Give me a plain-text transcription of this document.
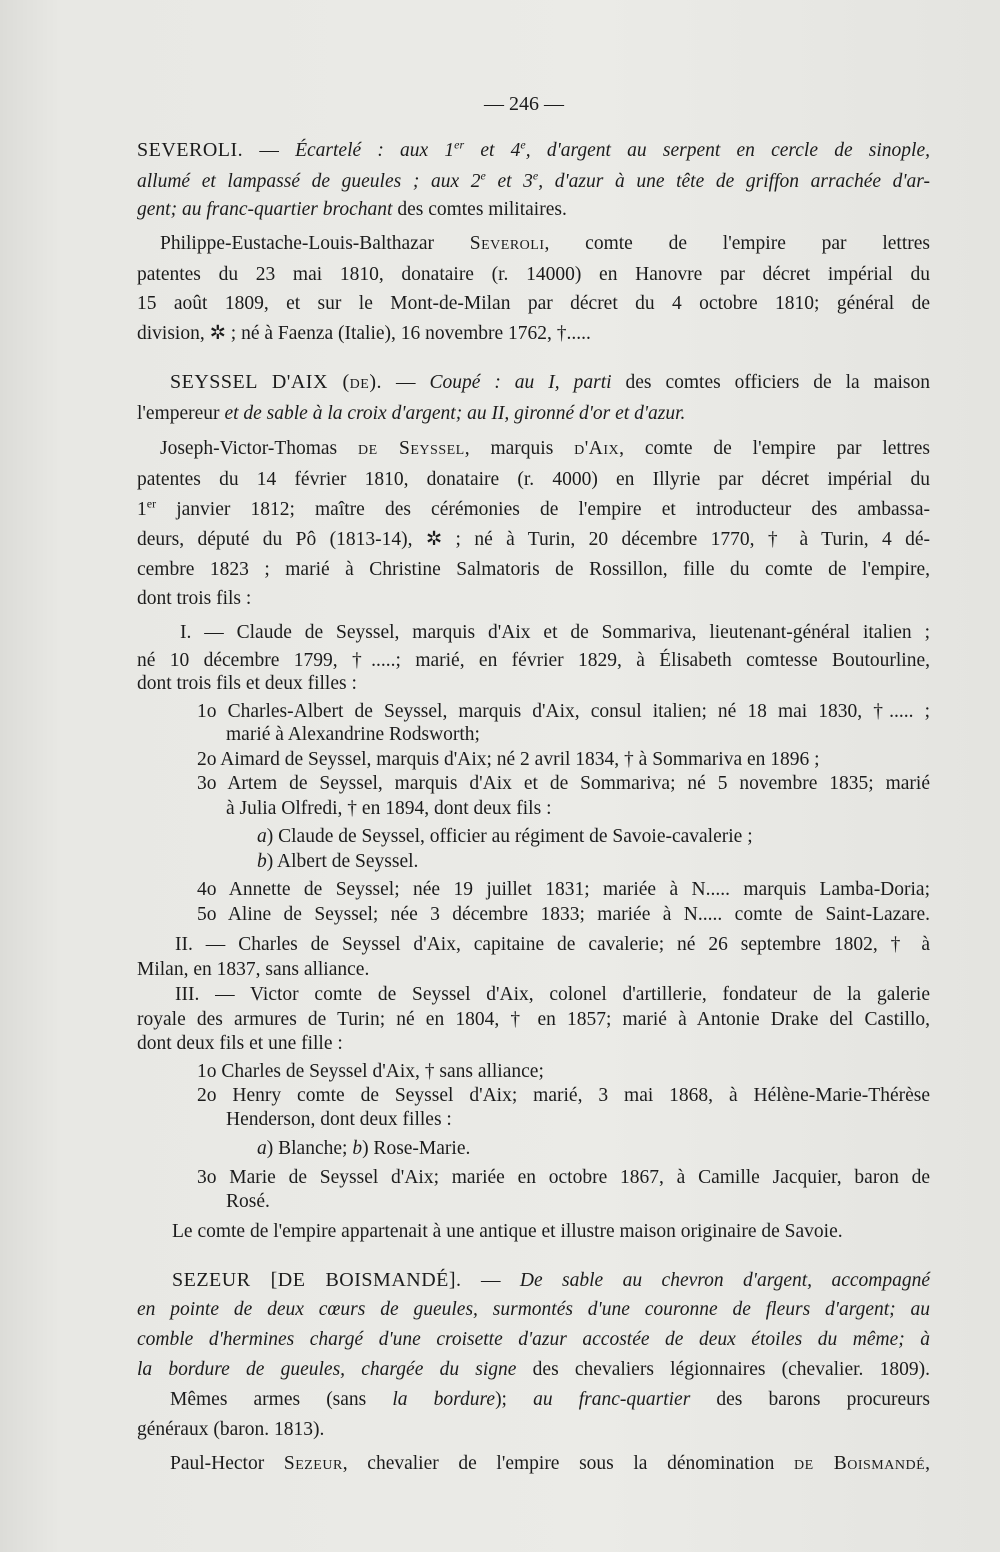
— 246 —
SEVEROLI. — Écartelé : aux 1er et 4e, d'argent au serpent en cercle de sinople,
allumé et lampassé de gueules ; aux 2e et 3e, d'azur à une tête de griffon arrachée d'ar-
gent; au franc-quartier brochant des comtes militaires.
Philippe-Eustache-Louis-Balthazar Severoli, comte de l'empire par lettres
patentes du 23 mai 1810, donataire (r. 14000) en Hanovre par décret impérial du
15 août 1809, et sur le Mont-de-Milan par décret du 4 octobre 1810; général de
division, ✲ ; né à Faenza (Italie), 16 novembre 1762, †.....
SEYSSEL D'AIX (de). — Coupé : au I, parti des comtes officiers de la maison
l'empereur et de sable à la croix d'argent; au II, gironné d'or et d'azur.
Joseph-Victor-Thomas de Seyssel, marquis d'Aix, comte de l'empire par lettres
patentes du 14 février 1810, donataire (r. 4000) en Illyrie par décret impérial du
1er janvier 1812; maître des cérémonies de l'empire et introducteur des ambassa-
deurs, député du Pô (1813-14), ✲ ; né à Turin, 20 décembre 1770, † à Turin, 4 dé-
cembre 1823 ; marié à Christine Salmatoris de Rossillon, fille du comte de l'empire,
dont trois fils :
I. — Claude de Seyssel, marquis d'Aix et de Sommariva, lieutenant-général italien ;
né 10 décembre 1799, †.....; marié, en février 1829, à Élisabeth comtesse Boutourline,
dont trois fils et deux filles :
1o Charles-Albert de Seyssel, marquis d'Aix, consul italien; né 18 mai 1830, †..... ;
marié à Alexandrine Rodsworth;
2o Aimard de Seyssel, marquis d'Aix; né 2 avril 1834, † à Sommariva en 1896 ;
3o Artem de Seyssel, marquis d'Aix et de Sommariva; né 5 novembre 1835; marié
à Julia Olfredi, † en 1894, dont deux fils :
a) Claude de Seyssel, officier au régiment de Savoie-cavalerie ;
b) Albert de Seyssel.
4o Annette de Seyssel; née 19 juillet 1831; mariée à N..... marquis Lamba-Doria;
5o Aline de Seyssel; née 3 décembre 1833; mariée à N..... comte de Saint-Lazare.
II. — Charles de Seyssel d'Aix, capitaine de cavalerie; né 26 septembre 1802, † à
Milan, en 1837, sans alliance.
III. — Victor comte de Seyssel d'Aix, colonel d'artillerie, fondateur de la galerie
royale des armures de Turin; né en 1804, † en 1857; marié à Antonie Drake del Castillo,
dont deux fils et une fille :
1o Charles de Seyssel d'Aix, † sans alliance;
2o Henry comte de Seyssel d'Aix; marié, 3 mai 1868, à Hélène-Marie-Thérèse
Henderson, dont deux filles :
a) Blanche; b) Rose-Marie.
3o Marie de Seyssel d'Aix; mariée en octobre 1867, à Camille Jacquier, baron de
Rosé.
Le comte de l'empire appartenait à une antique et illustre maison originaire de Savoie.
SEZEUR [DE BOISMANDÉ]. — De sable au chevron d'argent, accompagné
en pointe de deux cœurs de gueules, surmontés d'une couronne de fleurs d'argent; au
comble d'hermines chargé d'une croisette d'azur accostée de deux étoiles du même; à
la bordure de gueules, chargée du signe des chevaliers légionnaires (chevalier. 1809).
Mêmes armes (sans la bordure); au franc-quartier des barons procureurs
généraux (baron. 1813).
Paul-Hector Sezeur, chevalier de l'empire sous la dénomination de Boismandé,
